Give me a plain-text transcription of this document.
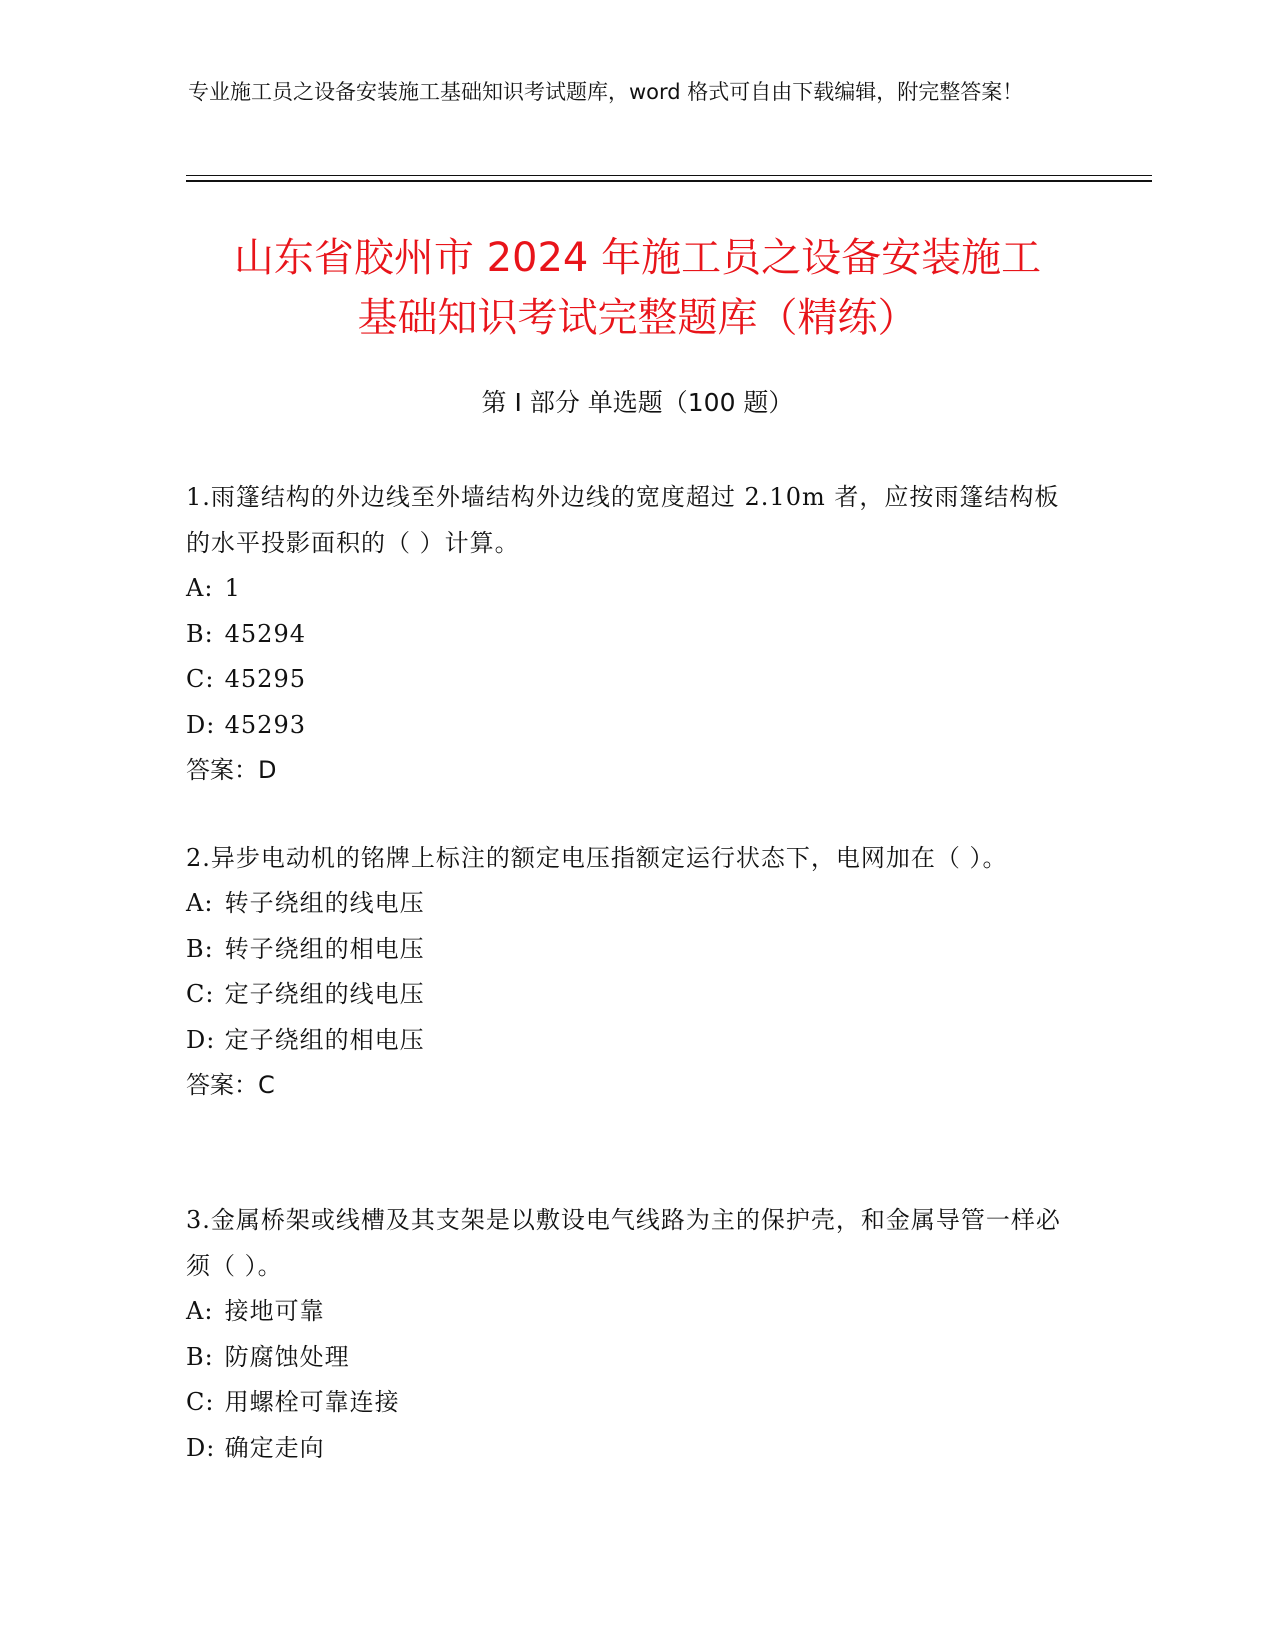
专业施工员之设备安装施工基础知识考试题库，word 格式可自由下载编辑，附完整答案！
山东省胶州市 2024 年施工员之设备安装施工
基础知识考试完整题库（精练）
第 I 部分 单选题（100 题）
1.雨篷结构的外边线至外墙结构外边线的宽度超过 2.10m 者，应按雨篷结构板的水平投影面积的（ ）计算。
A: 1
B: 45294
C: 45295
D: 45293
答案：D
2.异步电动机的铭牌上标注的额定电压指额定运行状态下，电网加在（ ）。
A: 转子绕组的线电压
B: 转子绕组的相电压
C: 定子绕组的线电压
D: 定子绕组的相电压
答案：C
3.金属桥架或线槽及其支架是以敷设电气线路为主的保护壳，和金属导管一样必须（ ）。
A: 接地可靠
B: 防腐蚀处理
C: 用螺栓可靠连接
D: 确定走向
